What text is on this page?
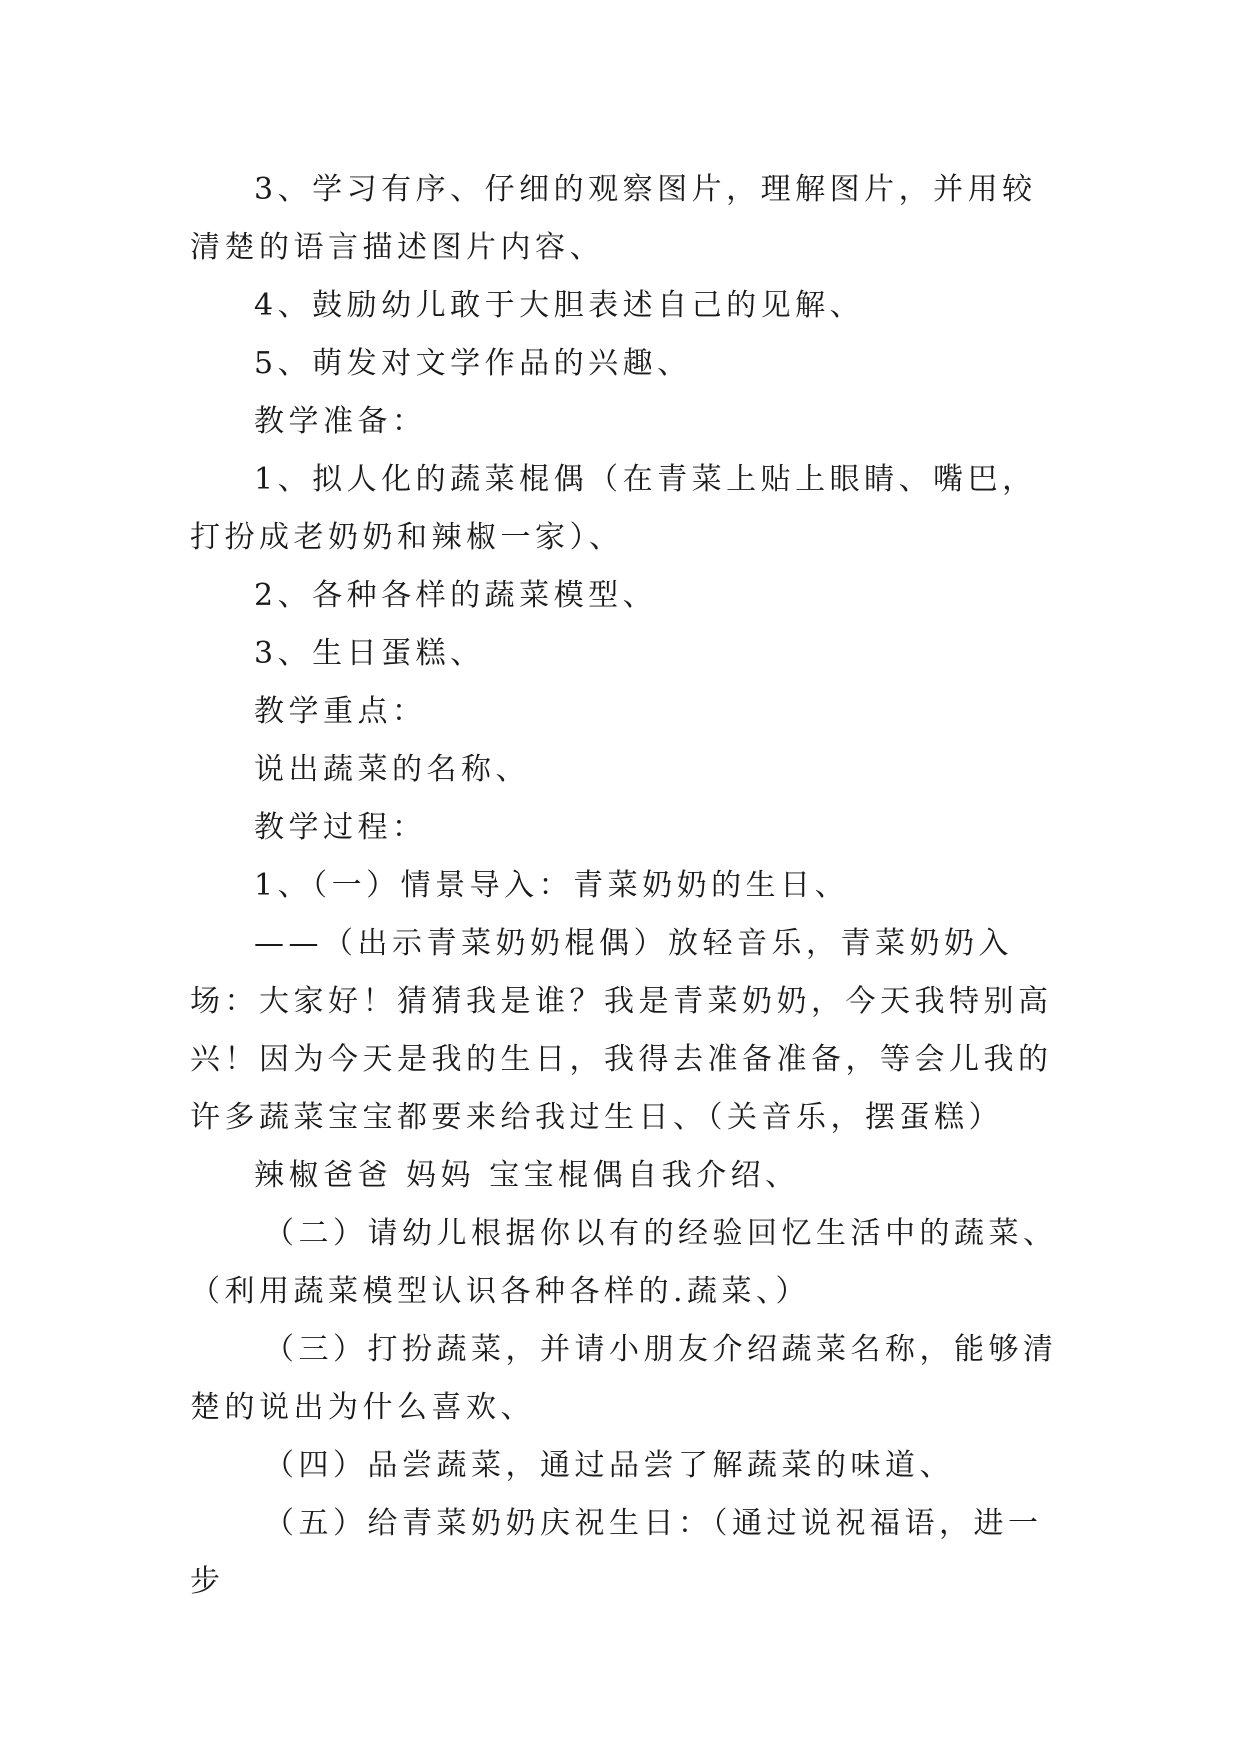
3、学习有序、仔细的观察图片，理解图片，并用较清楚的语言描述图片内容、

4、鼓励幼儿敢于大胆表述自己的见解、

5、萌发对文学作品的兴趣、

教学准备：

1、拟人化的蔬菜棍偶（在青菜上贴上眼睛、嘴巴，打扮成老奶奶和辣椒一家）、

2、各种各样的蔬菜模型、

3、生日蛋糕、

教学重点：

说出蔬菜的名称、

教学过程：

1、（一）情景导入：青菜奶奶的生日、

——（出示青菜奶奶棍偶）放轻音乐，青菜奶奶入场：大家好！猜猜我是谁？我是青菜奶奶，今天我特别高兴！因为今天是我的生日，我得去准备准备，等会儿我的许多蔬菜宝宝都要来给我过生日、（关音乐，摆蛋糕）

辣椒爸爸 妈妈 宝宝棍偶自我介绍、

（二）请幼儿根据你以有的经验回忆生活中的蔬菜、（利用蔬菜模型认识各种各样的.蔬菜、）

（三）打扮蔬菜，并请小朋友介绍蔬菜名称，能够清楚的说出为什么喜欢、

（四）品尝蔬菜，通过品尝了解蔬菜的味道、

（五）给青菜奶奶庆祝生日：（通过说祝福语，进一步
